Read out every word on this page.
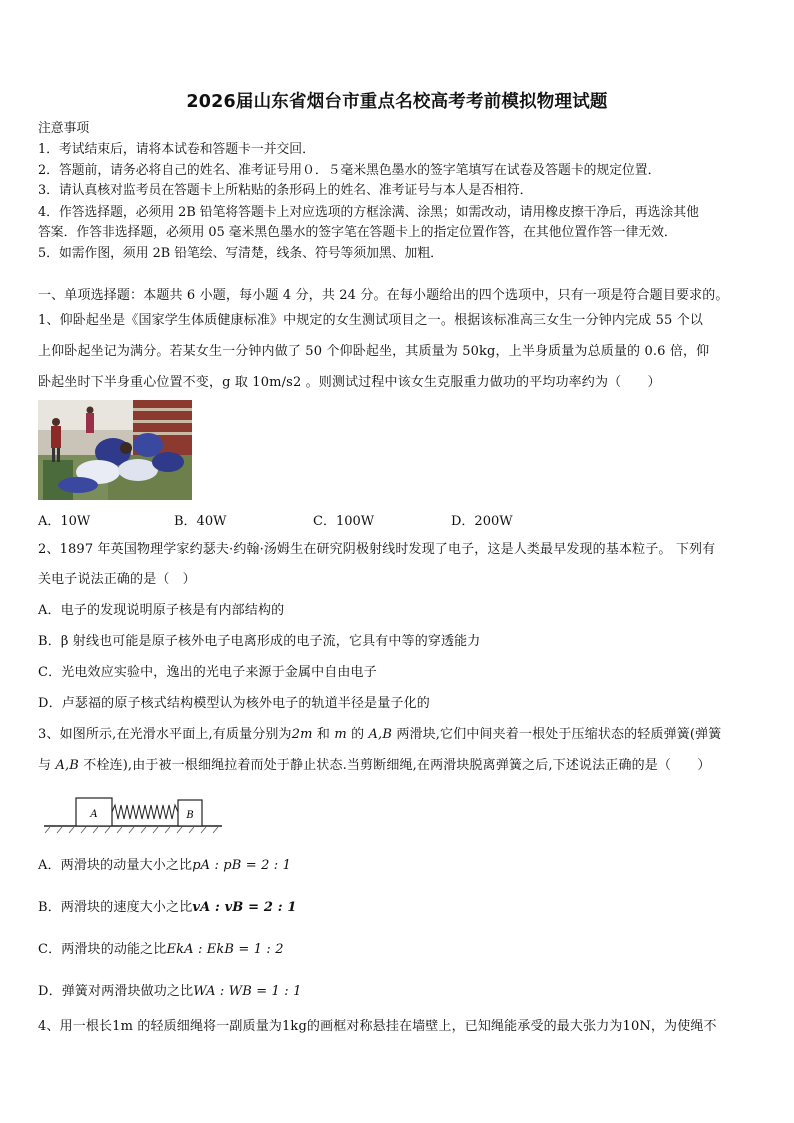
2026届山东省烟台市重点名校高考考前模拟物理试题
注意事项
1．考试结束后，请将本试卷和答题卡一并交回．
2．答题前，请务必将自己的姓名、准考证号用０．５毫米黑色墨水的签字笔填写在试卷及答题卡的规定位置．
3．请认真核对监考员在答题卡上所粘贴的条形码上的姓名、准考证号与本人是否相符．
4．作答选择题，必须用 2B 铅笔将答题卡上对应选项的方框涂满、涂黑；如需改动，请用橡皮擦干净后，再选涂其他
答案．作答非选择题，必须用 05 毫米黑色墨水的签字笔在答题卡上的指定位置作答，在其他位置作答一律无效．
5．如需作图，须用 2B 铅笔绘、写清楚，线条、符号等须加黑、加粗．
一、单项选择题：本题共 6 小题，每小题 4 分，共 24 分。在每小题给出的四个选项中，只有一项是符合题目要求的。
1、仰卧起坐是《国家学生体质健康标准》中规定的女生测试项目之一。根据该标准高三女生一分钟内完成 55 个以
上仰卧起坐记为满分。若某女生一分钟内做了 50 个仰卧起坐，其质量为 50kg，上半身质量为总质量的 0.6 倍，仰
卧起坐时下半身重心位置不变，g 取 10m/s2 。则测试过程中该女生克服重力做功的平均功率约为（　　）
A．10W	B．40W	C．100W	D．200W
2、1897 年英国物理学家约瑟夫·约翰·汤姆生在研究阴极射线时发现了电子，这是人类最早发现的基本粒子。 下列有
关电子说法正确的是（　）
A．电子的发现说明原子核是有内部结构的
B．β 射线也可能是原子核外电子电离形成的电子流，它具有中等的穿透能力
C．光电效应实验中，逸出的光电子来源于金属中自由电子
D．卢瑟福的原子核式结构模型认为核外电子的轨道半径是量子化的
3、如图所示,在光滑水平面上,有质量分别为2m 和 m 的 A,B 两滑块,它们中间夹着一根处于压缩状态的轻质弹簧(弹簧
与 A,B 不栓连),由于被一根细绳拉着而处于静止状态.当剪断细绳,在两滑块脱离弹簧之后,下述说法正确的是（　　）
A	B
A．两滑块的动量大小之比pA : pB = 2 : 1
B．两滑块的速度大小之比vA : vB = 2 : 1
C．两滑块的动能之比EkA : EkB = 1 : 2
D．弹簧对两滑块做功之比WA : WB = 1 : 1
4、用一根长1m 的轻质细绳将一副质量为1kg的画框对称悬挂在墙壁上，已知绳能承受的最大张力为10N，为使绳不
